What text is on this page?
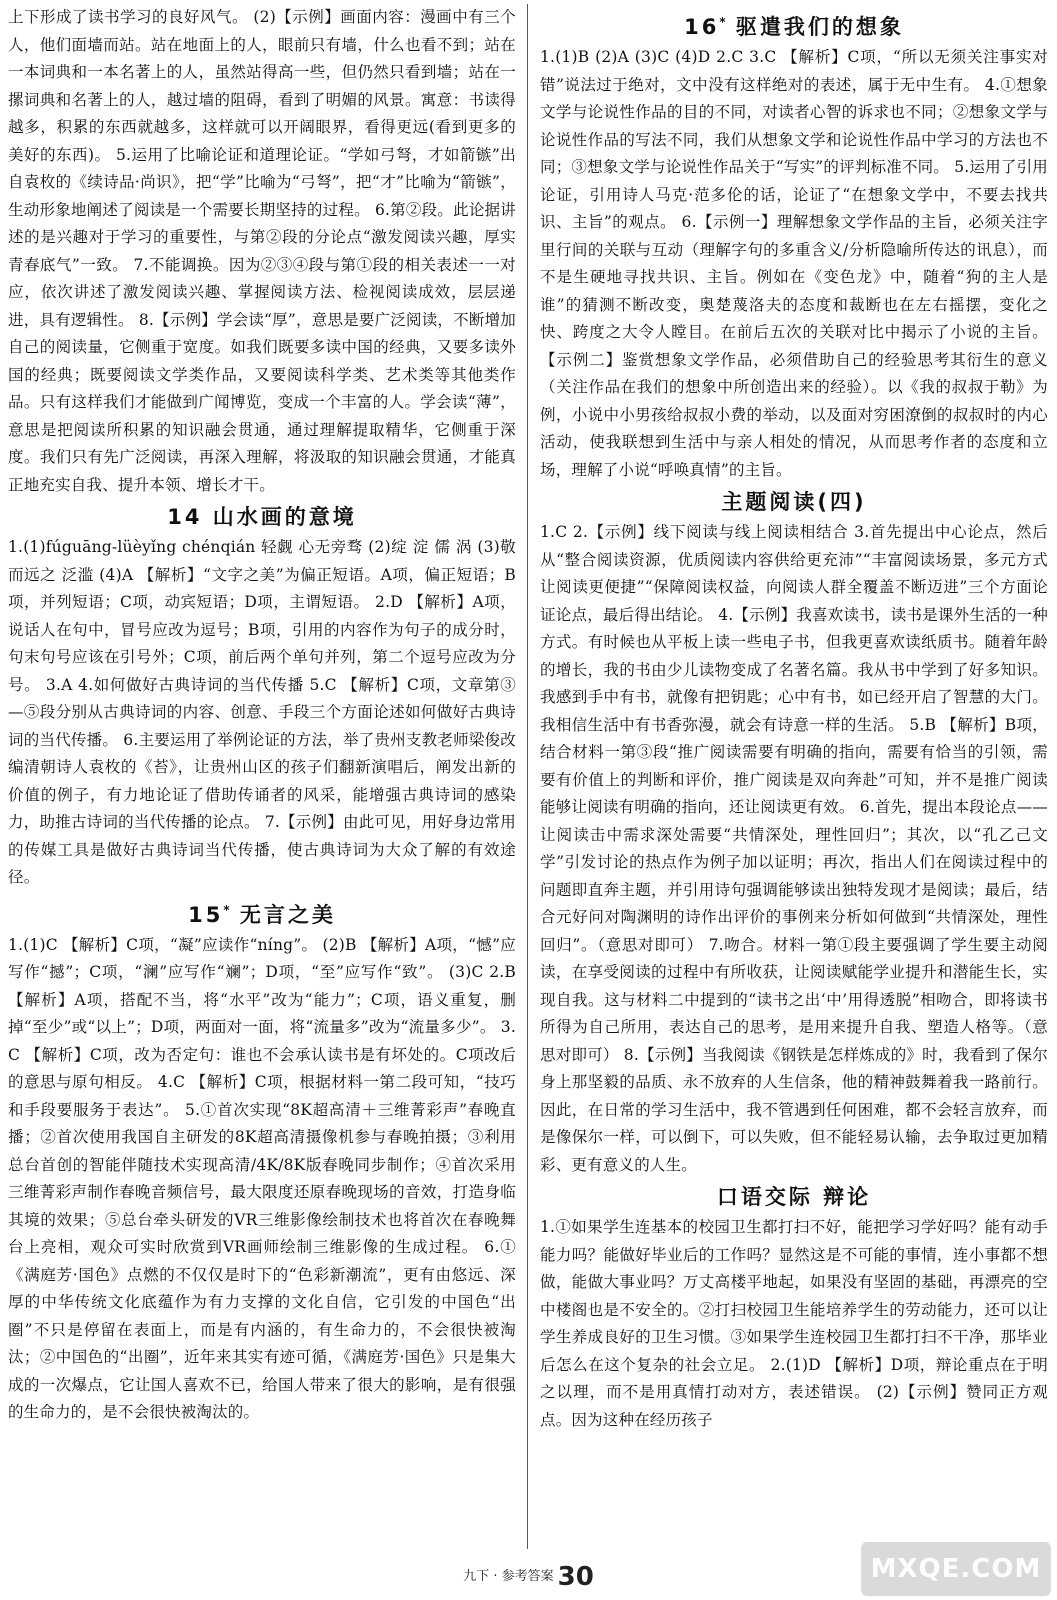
上下形成了读书学习的良好风气。 (2)【示例】画面内容：漫画中有三个人，他们面墙而站。站在地面上的人，眼前只有墙，什么也看不到；站在一本词典和一本名著上的人，虽然站得高一些，但仍然只看到墙；站在一摞词典和名著上的人，越过墙的阻碍，看到了明媚的风景。寓意：书读得越多，积累的东西就越多，这样就可以开阔眼界，看得更远(看到更多的美好的东西)。 5.运用了比喻论证和道理论证。“学如弓弩，才如箭镞”出自袁枚的《续诗品·尚识》，把“学”比喻为“弓弩”，把“才”比喻为“箭镞”，生动形象地阐述了阅读是一个需要长期坚持的过程。 6.第②段。此论据讲述的是兴趣对于学习的重要性，与第②段的分论点“激发阅读兴趣，厚实青春底气”一致。 7.不能调换。因为②③④段与第①段的相关表述一一对应，依次讲述了激发阅读兴趣、掌握阅读方法、检视阅读成效，层层递进，具有逻辑性。 8.【示例】学会读“厚”，意思是要广泛阅读，不断增加自己的阅读量，它侧重于宽度。如我们既要多读中国的经典，又要多读外国的经典；既要阅读文学类作品，又要阅读科学类、艺术类等其他类作品。只有这样我们才能做到广闻博览，变成一个丰富的人。学会读“薄”，意思是把阅读所积累的知识融会贯通，通过理解提取精华，它侧重于深度。我们只有先广泛阅读，再深入理解，将汲取的知识融会贯通，才能真正地充实自我、提升本领、增长才干。

14 山水画的意境

1.(1)fúguāng-lüèyǐng chénqián 轻觑 心无旁骛 (2)绽 淀 儒 涡 (3)敬而远之 泛滥 (4)A 【解析】“文字之美”为偏正短语。A项，偏正短语；B项，并列短语；C项，动宾短语；D项，主谓短语。 2.D 【解析】A项，说话人在句中，冒号应改为逗号；B项，引用的内容作为句子的成分时，句末句号应该在引号外；C项，前后两个单句并列，第二个逗号应改为分号。 3.A 4.如何做好古典诗词的当代传播 5.C 【解析】C项，文章第③—⑤段分别从古典诗词的内容、创意、手段三个方面论述如何做好古典诗词的当代传播。 6.主要运用了举例论证的方法，举了贵州支教老师梁俊改编清朝诗人袁枚的《苔》，让贵州山区的孩子们翻新演唱后，阐发出新的价值的例子，有力地论证了借助传诵者的风采，能增强古典诗词的感染力，助推古诗词的当代传播的论点。 7.【示例】由此可见，用好身边常用的传媒工具是做好古典诗词当代传播，使古典诗词为大众了解的有效途径。

15* 无言之美

1.(1)C 【解析】C项，“凝”应读作“níng”。 (2)B 【解析】A项，“憾”应写作“撼”；C项，“澜”应写作“斓”；D项，“至”应写作“致”。 (3)C 2.B 【解析】A项，搭配不当，将“水平”改为“能力”；C项，语义重复，删掉“至少”或“以上”；D项，两面对一面，将“流量多”改为“流量多少”。 3.C 【解析】C项，改为否定句：谁也不会承认读书是有坏处的。C项改后的意思与原句相反。 4.C 【解析】C项，根据材料一第二段可知，“技巧和手段要服务于表达”。 5.①首次实现“8K超高清＋三维菁彩声”春晚直播；②首次使用我国自主研发的8K超高清摄像机参与春晚拍摄；③利用总台首创的智能伴随技术实现高清/4K/8K版春晚同步制作；④首次采用三维菁彩声制作春晚音频信号，最大限度还原春晚现场的音效，打造身临其境的效果；⑤总台牵头研发的VR三维影像绘制技术也将首次在春晚舞台上亮相，观众可实时欣赏到VR画师绘制三维影像的生成过程。 6.①《满庭芳·国色》点燃的不仅仅是时下的“色彩新潮流”，更有由悠远、深厚的中华传统文化底蕴作为有力支撑的文化自信，它引发的中国色“出圈”不只是停留在表面上，而是有内涵的，有生命力的，不会很快被淘汰；②中国色的“出圈”，近年来其实有迹可循，《满庭芳·国色》只是集大成的一次爆点，它让国人喜欢不已，给国人带来了很大的影响，是有很强的生命力的，是不会很快被淘汰的。

16* 驱遣我们的想象

1.(1)B (2)A (3)C (4)D 2.C 3.C 【解析】C项，“所以无须关注事实对错”说法过于绝对，文中没有这样绝对的表述，属于无中生有。 4.①想象文学与论说性作品的目的不同，对读者心智的诉求也不同；②想象文学与论说性作品的写法不同，我们从想象文学和论说性作品中学习的方法也不同；③想象文学与论说性作品关于“写实”的评判标准不同。 5.运用了引用论证，引用诗人马克·范多伦的话，论证了“在想象文学中，不要去找共识、主旨”的观点。 6.【示例一】理解想象文学作品的主旨，必须关注字里行间的关联与互动（理解字句的多重含义/分析隐喻所传达的讯息），而不是生硬地寻找共识、主旨。例如在《变色龙》中，随着“狗的主人是谁”的猜测不断改变，奥楚蔑洛夫的态度和裁断也在左右摇摆，变化之快、跨度之大令人瞠目。在前后五次的关联对比中揭示了小说的主旨。【示例二】鉴赏想象文学作品，必须借助自己的经验思考其衍生的意义（关注作品在我们的想象中所创造出来的经验）。以《我的叔叔于勒》为例，小说中小男孩给叔叔小费的举动，以及面对穷困潦倒的叔叔时的内心活动，使我联想到生活中与亲人相处的情况，从而思考作者的态度和立场，理解了小说“呼唤真情”的主旨。

主题阅读(四)

1.C 2.【示例】线下阅读与线上阅读相结合 3.首先提出中心论点，然后从“整合阅读资源，优质阅读内容供给更充沛”“丰富阅读场景，多元方式让阅读更便捷”“保障阅读权益，向阅读人群全覆盖不断迈进”三个方面论证论点，最后得出结论。 4.【示例】我喜欢读书，读书是课外生活的一种方式。有时候也从平板上读一些电子书，但我更喜欢读纸质书。随着年龄的增长，我的书由少儿读物变成了名著名篇。我从书中学到了好多知识。我感到手中有书，就像有把钥匙；心中有书，如已经开启了智慧的大门。我相信生活中有书香弥漫，就会有诗意一样的生活。 5.B 【解析】B项，结合材料一第③段“推广阅读需要有明确的指向，需要有恰当的引领，需要有价值上的判断和评价，推广阅读是双向奔赴”可知，并不是推广阅读能够让阅读有明确的指向，还让阅读更有效。 6.首先，提出本段论点——让阅读击中需求深处需要“共情深处，理性回归”；其次，以“孔乙己文学”引发讨论的热点作为例子加以证明；再次，指出人们在阅读过程中的问题即直奔主题，并引用诗句强调能够读出独特发现才是阅读；最后，结合元好问对陶渊明的诗作出评价的事例来分析如何做到“共情深处，理性回归”。（意思对即可） 7.吻合。材料一第①段主要强调了学生要主动阅读，在享受阅读的过程中有所收获，让阅读赋能学业提升和潜能生长，实现自我。这与材料二中提到的“读书之出‘中’用得透脱”相吻合，即将读书所得为自己所用，表达自己的思考，是用来提升自我、塑造人格等。（意思对即可） 8.【示例】当我阅读《钢铁是怎样炼成的》时，我看到了保尔身上那坚毅的品质、永不放弃的人生信条，他的精神鼓舞着我一路前行。因此，在日常的学习生活中，我不管遇到任何困难，都不会轻言放弃，而是像保尔一样，可以倒下，可以失败，但不能轻易认输，去争取过更加精彩、更有意义的人生。

口语交际 辩论

1.①如果学生连基本的校园卫生都打扫不好，能把学习学好吗？能有动手能力吗？能做好毕业后的工作吗？显然这是不可能的事情，连小事都不想做，能做大事业吗？万丈高楼平地起，如果没有坚固的基础，再漂亮的空中楼阁也是不安全的。②打扫校园卫生能培养学生的劳动能力，还可以让学生养成良好的卫生习惯。③如果学生连校园卫生都打扫不干净，那毕业后怎么在这个复杂的社会立足。 2.(1)D 【解析】D项，辩论重点在于明之以理，而不是用真情打动对方，表述错误。 (2)【示例】赞同正方观点。因为这种在经历孩子

九下 · 参考答案 30	MXQE.COM
